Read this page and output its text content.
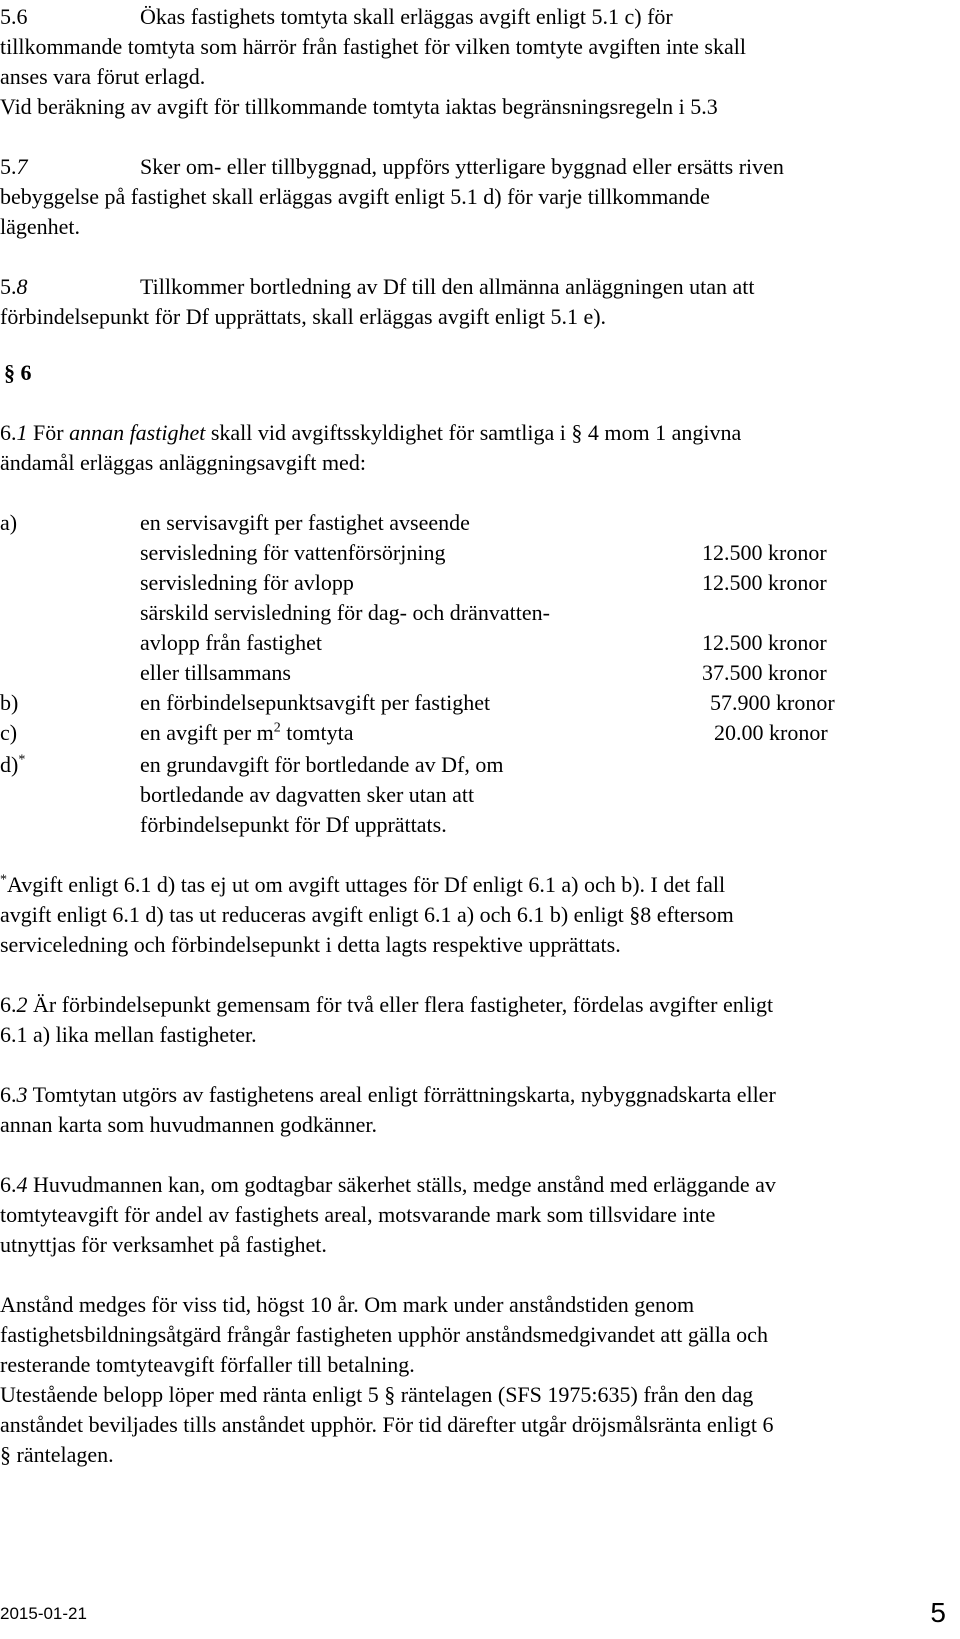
5.6	Ökas fastighets tomtyta skall erläggas avgift enligt 5.1 c) för
tillkommande tomtyta som härrör från fastighet för vilken tomtyte avgiften inte skall
anses vara förut erlagd.
Vid beräkning av avgift för tillkommande tomtyta iaktas begränsningsregeln i 5.3
5.7	Sker om- eller tillbyggnad, uppförs ytterligare byggnad eller ersätts riven
bebyggelse på fastighet skall erläggas avgift enligt 5.1 d) för varje tillkommande
lägenhet.
5.8	Tillkommer bortledning av Df till den allmänna anläggningen utan att
förbindelsepunkt för Df upprättats, skall erläggas avgift enligt 5.1 e).
§ 6
6.1 För annan fastighet skall vid avgiftsskyldighet för samtliga i § 4 mom 1 angivna
ändamål erläggas anläggningsavgift med:
a)	en servisavgift per fastighet avseende
servisledning för vattenförsörjning	12.500 kronor
servisledning för avlopp	12.500 kronor
särskild servisledning för dag- och dränvatten-
avlopp från fastighet	12.500 kronor
eller tillsammans	37.500 kronor
b)	en förbindelsepunktsavgift per fastighet	57.900 kronor
c)	en avgift per $m^2$ tomtyta	20.00 kronor
d)*	en grundavgift för bortledande av Df, om
bortledande av dagvatten sker utan att
förbindelsepunkt för Df upprättats.
*Avgift enligt 6.1 d) tas ej ut om avgift uttages för Df enligt 6.1 a) och b). I det fall
avgift enligt 6.1 d) tas ut reduceras avgift enligt 6.1 a) och 6.1 b) enligt §8 eftersom
serviceledning och förbindelsepunkt i detta lagts respektive upprättats.
6.2 Är förbindelsepunkt gemensam för två eller flera fastigheter, fördelas avgifter enligt
6.1 a) lika mellan fastigheter.
6.3 Tomtytan utgörs av fastighetens areal enligt förrättningskarta, nybyggnadskarta eller
annan karta som huvudmannen godkänner.
6.4 Huvudmannen kan, om godtagbar säkerhet ställs, medge anstånd med erläggande av
tomtyteavgift för andel av fastighets areal, motsvarande mark som tillsvidare inte
utnyttjas för verksamhet på fastighet.
Anstånd medges för viss tid, högst 10 år. Om mark under anståndstiden genom
fastighetsbildningsåtgärd frångår fastigheten upphör anståndsmedgivandet att gälla och
resterande tomtyteavgift förfaller till betalning.
Utestående belopp löper med ränta enligt 5 § räntelagen (SFS 1975:635) från den dag
anståndet beviljades tills anståndet upphör. För tid därefter utgår dröjsmålsränta enligt 6
§ räntelagen.
2015-01-21	5
